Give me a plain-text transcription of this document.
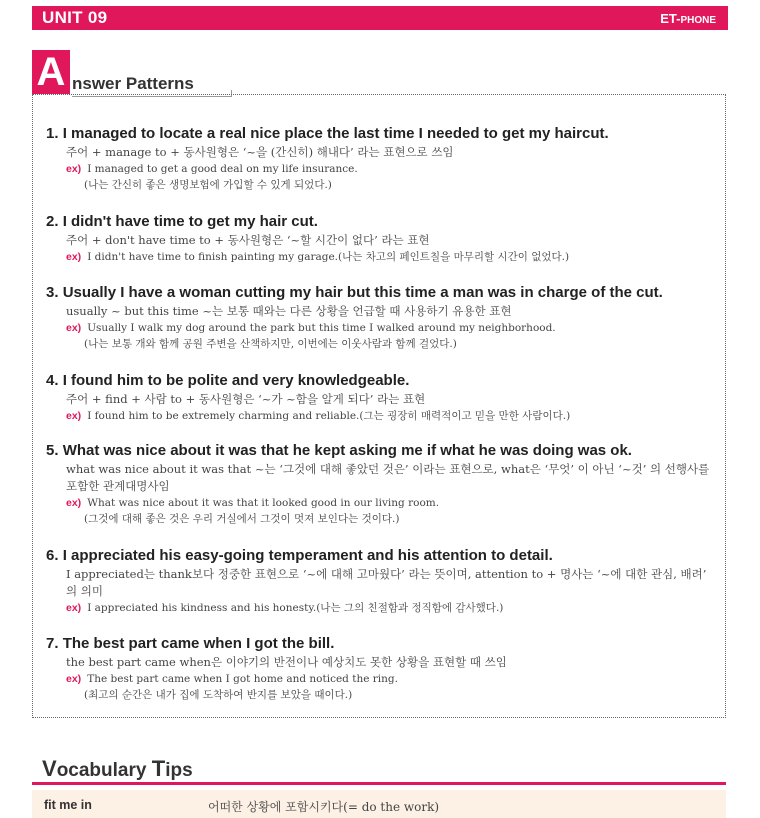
UNIT 09	ET-PHONE
A nswer Patterns
1. I managed to locate a real nice place the last time I needed to get my haircut.
주어 + manage to + 동사원형은 ‘~을 (간신히) 해내다’ 라는 표현으로 쓰임
ex) I managed to get a good deal on my life insurance.
(나는 간신히 좋은 생명보험에 가입할 수 있게 되었다.)
2. I didn't have time to get my hair cut.
주어 + don't have time to + 동사원형은 ‘~할 시간이 없다’ 라는 표현
ex) I didn't have time to finish painting my garage.(나는 차고의 페인트칠을 마무리할 시간이 없었다.)
3. Usually I have a woman cutting my hair but this time a man was in charge of the cut.
usually ~ but this time ~는 보통 때와는 다른 상황을 언급할 때 사용하기 유용한 표현
ex) Usually I walk my dog around the park but this time I walked around my neighborhood.
(나는 보통 개와 함께 공원 주변을 산책하지만, 이번에는 이웃사람과 함께 걸었다.)
4. I found him to be polite and very knowledgeable.
주어 + find + 사람 to + 동사원형은 ‘~가 ~함을 알게 되다’ 라는 표현
ex) I found him to be extremely charming and reliable.(그는 굉장히 매력적이고 믿을 만한 사람이다.)
5. What was nice about it was that he kept asking me if what he was doing was ok.
what was nice about it was that ~는 ‘그것에 대해 좋았던 것은’ 이라는 표현으로, what은 ‘무엇’ 이 아닌 ‘~것’ 의 선행사를 포함한 관계대명사임
ex) What was nice about it was that it looked good in our living room.
(그것에 대해 좋은 것은 우리 거실에서 그것이 멋져 보인다는 것이다.)
6. I appreciated his easy-going temperament and his attention to detail.
I appreciated는 thank보다 정중한 표현으로 ‘~에 대해 고마웠다’ 라는 뜻이며, attention to + 명사는 ‘~에 대한 관심, 배려’ 의 의미
ex) I appreciated his kindness and his honesty.(나는 그의 친절함과 정직함에 감사했다.)
7. The best part came when I got the bill.
the best part came when은 이야기의 반전이나 예상치도 못한 상황을 표현할 때 쓰임
ex) The best part came when I got home and noticed the ring.
(최고의 순간은 내가 집에 도착하여 반지를 보았을 때이다.)
Vocabulary Tips
fit me in	어떠한 상황에 포함시키다(= do the work)
